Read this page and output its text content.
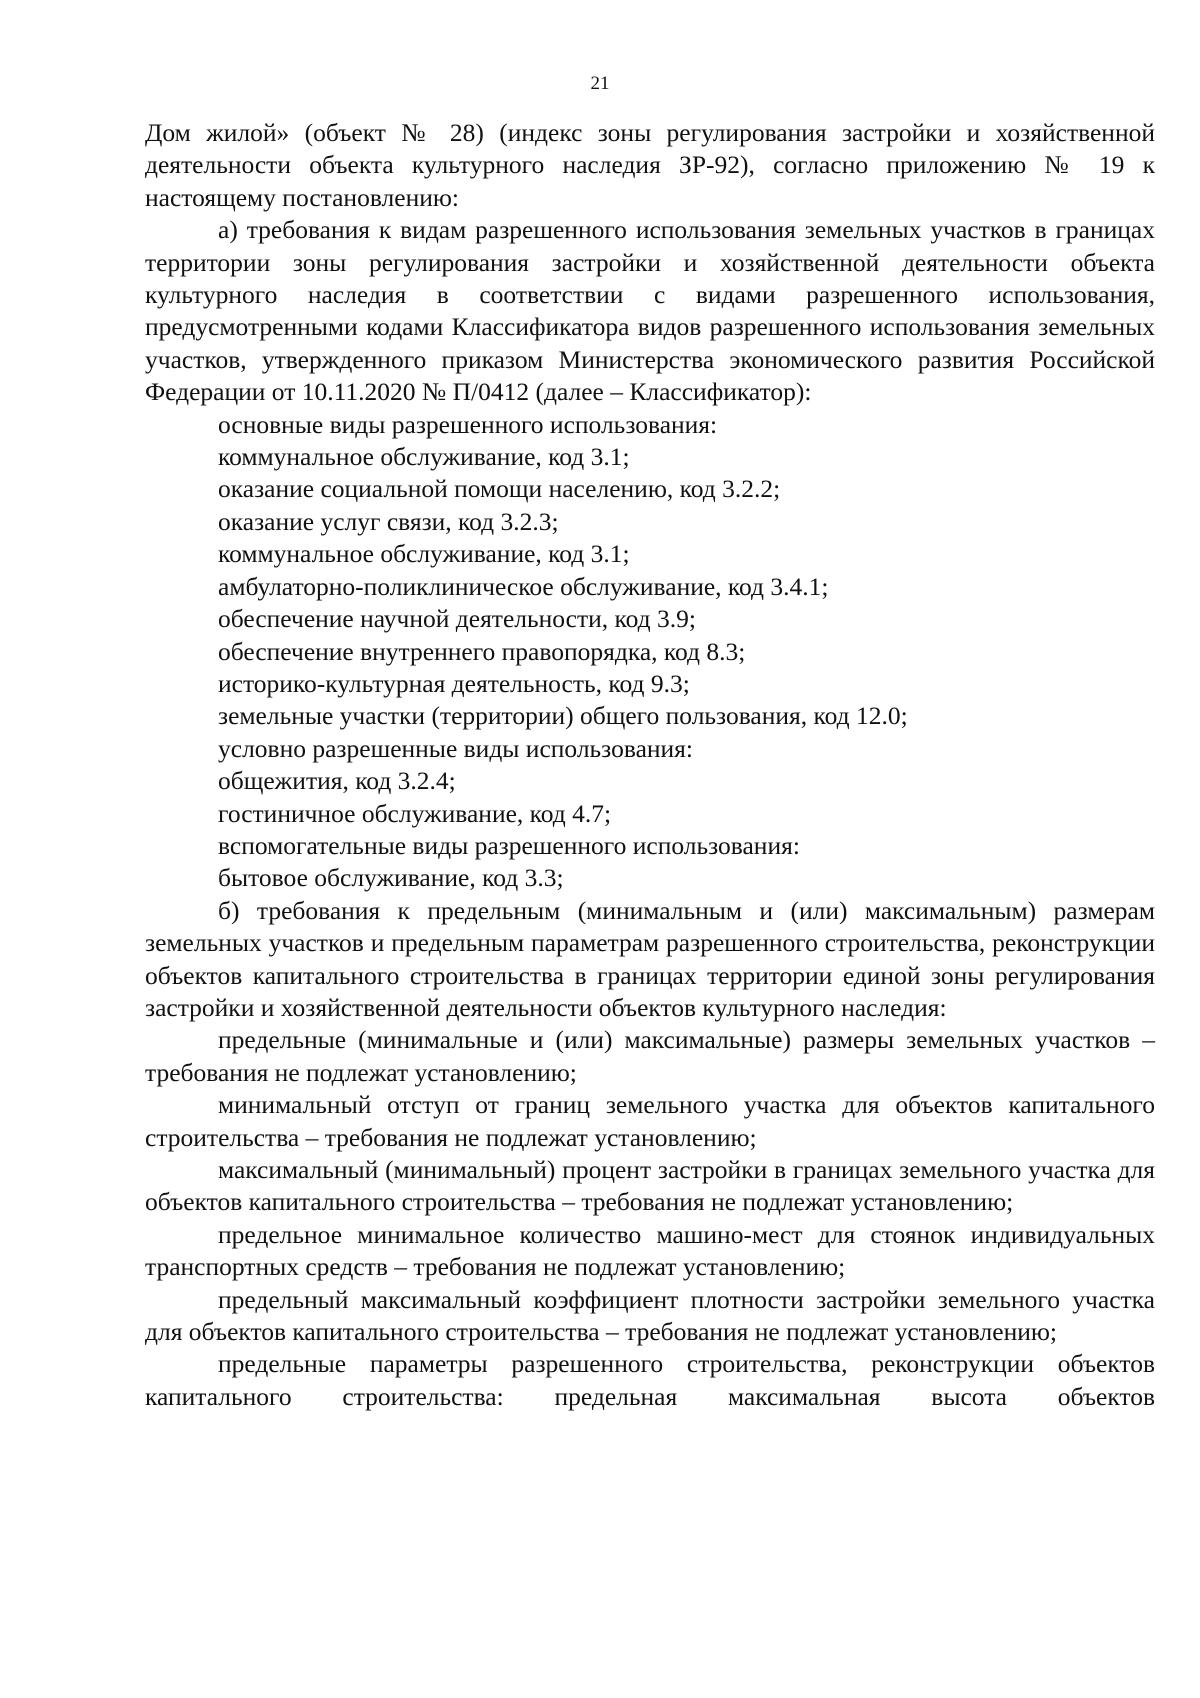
21

Дом жилой» (объект № 28) (индекс зоны регулирования застройки и хозяйственной деятельности объекта культурного наследия ЗР-92), согласно приложению № 19 к настоящему постановлению:

а) требования к видам разрешенного использования земельных участков в границах территории зоны регулирования застройки и хозяйственной деятельности объекта культурного наследия в соответствии с видами разрешенного использования, предусмотренными кодами Классификатора видов разрешенного использования земельных участков, утвержденного приказом Министерства экономического развития Российской Федерации от 10.11.2020 № П/0412 (далее – Классификатор):

основные виды разрешенного использования:

коммунальное обслуживание, код 3.1;

оказание социальной помощи населению, код 3.2.2;

оказание услуг связи, код 3.2.3;

коммунальное обслуживание, код 3.1;

амбулаторно-поликлиническое обслуживание, код 3.4.1;

обеспечение научной деятельности, код 3.9;

обеспечение внутреннего правопорядка, код 8.3;

историко-культурная деятельность, код 9.3;

земельные участки (территории) общего пользования, код 12.0;

условно разрешенные виды использования:

общежития, код 3.2.4;

гостиничное обслуживание, код 4.7;

вспомогательные виды разрешенного использования:

бытовое обслуживание, код 3.3;

б) требования к предельным (минимальным и (или) максимальным) размерам земельных участков и предельным параметрам разрешенного строительства, реконструкции объектов капитального строительства в границах территории единой зоны регулирования застройки и хозяйственной деятельности объектов культурного наследия:

предельные (минимальные и (или) максимальные) размеры земельных участков – требования не подлежат установлению;

минимальный отступ от границ земельного участка для объектов капитального строительства – требования не подлежат установлению;

максимальный (минимальный) процент застройки в границах земельного участка для объектов капитального строительства – требования не подлежат установлению;

предельное минимальное количество машино-мест для стоянок индивидуальных транспортных средств – требования не подлежат установлению;

предельный максимальный коэффициент плотности застройки земельного участка для объектов капитального строительства – требования не подлежат установлению;

предельные параметры разрешенного строительства, реконструкции объектов капитального строительства: предельная максимальная высота объектов
